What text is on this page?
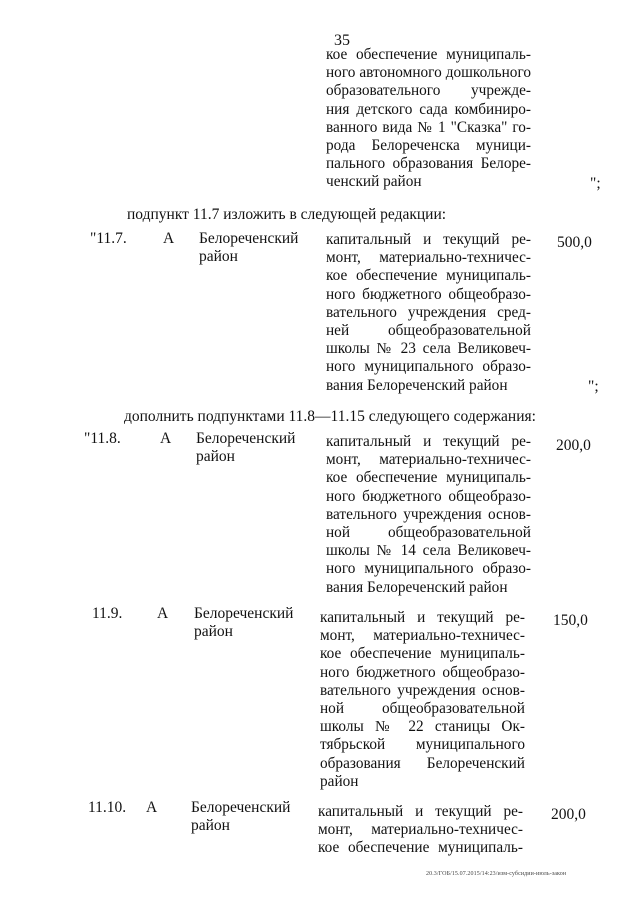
35
кое обеспечение муниципаль-
ного автономного дошкольного
образовательного учрежде-
ния детского сада комбиниро-
ванного вида № 1 "Сказка" го-
рода Белореченска муници-
пального образования Белоре-
ченский район	";
подпункт 11.7 изложить в следующей редакции:
"11.7. А Белореченский
район
капитальный и текущий ре-
монт, материально-техничес-
кое обеспечение муниципаль-
ного бюджетного общеобразо-
вательного учреждения сред-
ней общеобразовательной
школы № 23 села Великовеч-
ного муниципального образо-
вания Белореченский район
500,0
";
дополнить подпунктами 11.8—11.15 следующего содержания:
"11.8.	А Белореченский
район
капитальный и текущий ре-
монт, материально-техничес-
кое обеспечение муниципаль-
ного бюджетного общеобразо-
вательного учреждения основ-
ной общеобразовательной
школы № 14 села Великовеч-
ного муниципального образо-
вания Белореченский район
200,0
11.9. А Белореченский
район
капитальный и текущий ре-
монт, материально-техничес-
кое обеспечение муниципаль-
ного бюджетного общеобразо-
вательного учреждения основ-
ной общеобразовательной
школы № 22 станицы Ок-
тябрьской муниципального
образования Белореченский
район
150,0
11.10. А Белореченский
район
капитальный и текущий ре-
монт, материально-техничес-
кое обеспечение муниципаль-
200,0
20.3/ГОБ/15.07.2015/14:23/изм-субсидии-июль-закон
